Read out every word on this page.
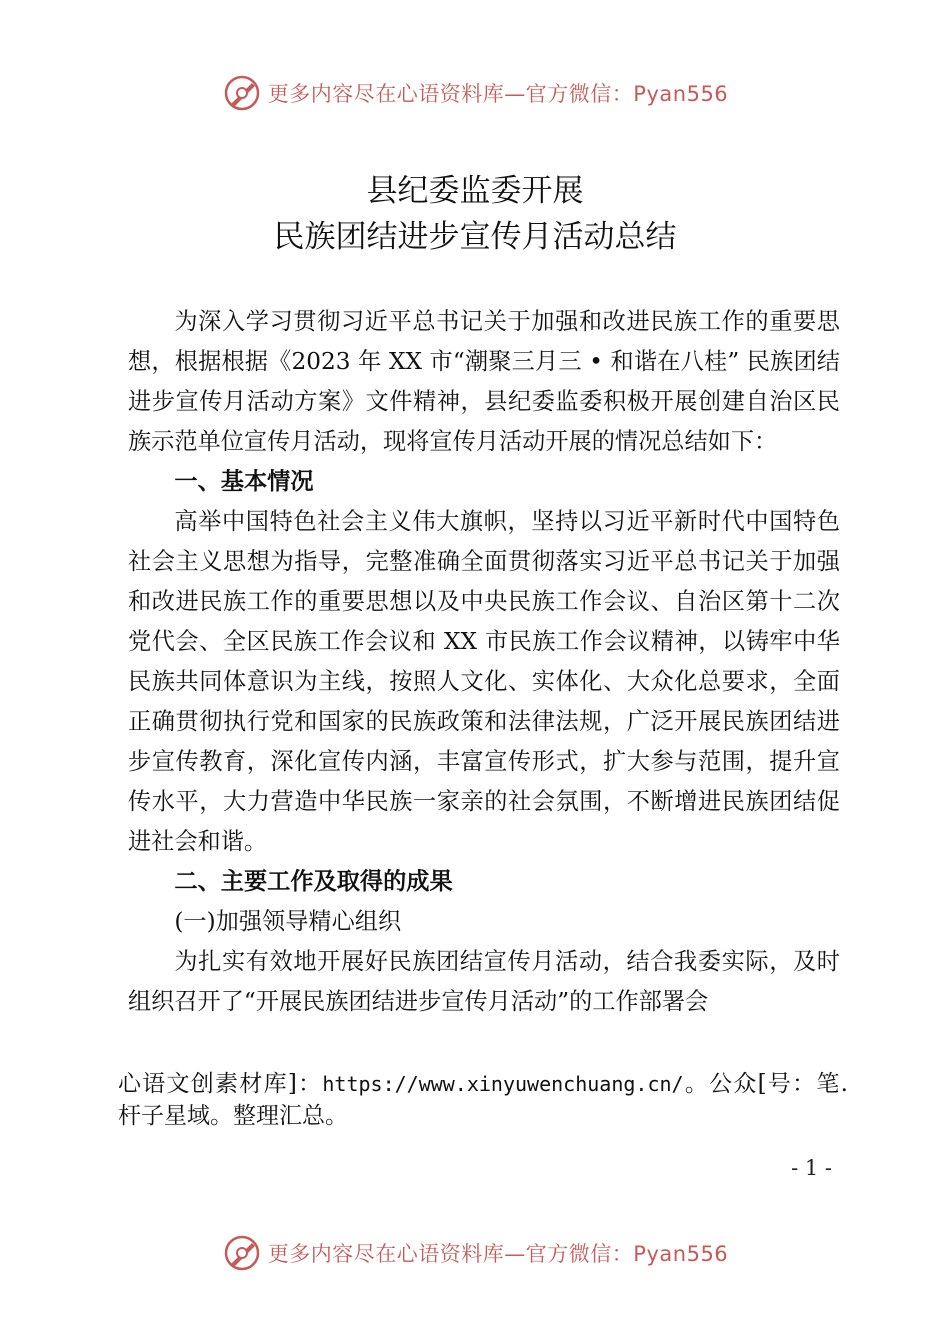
更多内容尽在心语资料库—官方微信：Pyan556
县纪委监委开展
民族团结进步宣传月活动总结

为深入学习贯彻习近平总书记关于加强和改进民族工作的重要思想，根据根据《2023 年 XX 市“潮聚三月三 • 和谐在八桂” 民族团结进步宣传月活动方案》文件精神，县纪委监委积极开展创建自治区民族示范单位宣传月活动，现将宣传月活动开展的情况总结如下：

一、基本情况

高举中国特色社会主义伟大旗帜，坚持以习近平新时代中国特色社会主义思想为指导，完整准确全面贯彻落实习近平总书记关于加强和改进民族工作的重要思想以及中央民族工作会议、自治区第十二次党代会、全区民族工作会议和 XX 市民族工作会议精神，以铸牢中华民族共同体意识为主线，按照人文化、实体化、大众化总要求，全面正确贯彻执行党和国家的民族政策和法律法规，广泛开展民族团结进步宣传教育，深化宣传内涵，丰富宣传形式，扩大参与范围，提升宣传水平，大力营造中华民族一家亲的社会氛围，不断增进民族团结促进社会和谐。

二、主要工作及取得的成果

(一)加强领导精心组织

为扎实有效地开展好民族团结宣传月活动，结合我委实际，及时组织召开了“开展民族团结进步宣传月活动”的工作部署会

心语文创素材库]：https://www.xinyuwenchuang.cn/。公众[号：笔.杆子星域。整理汇总。
- 1 -
更多内容尽在心语资料库—官方微信：Pyan556
